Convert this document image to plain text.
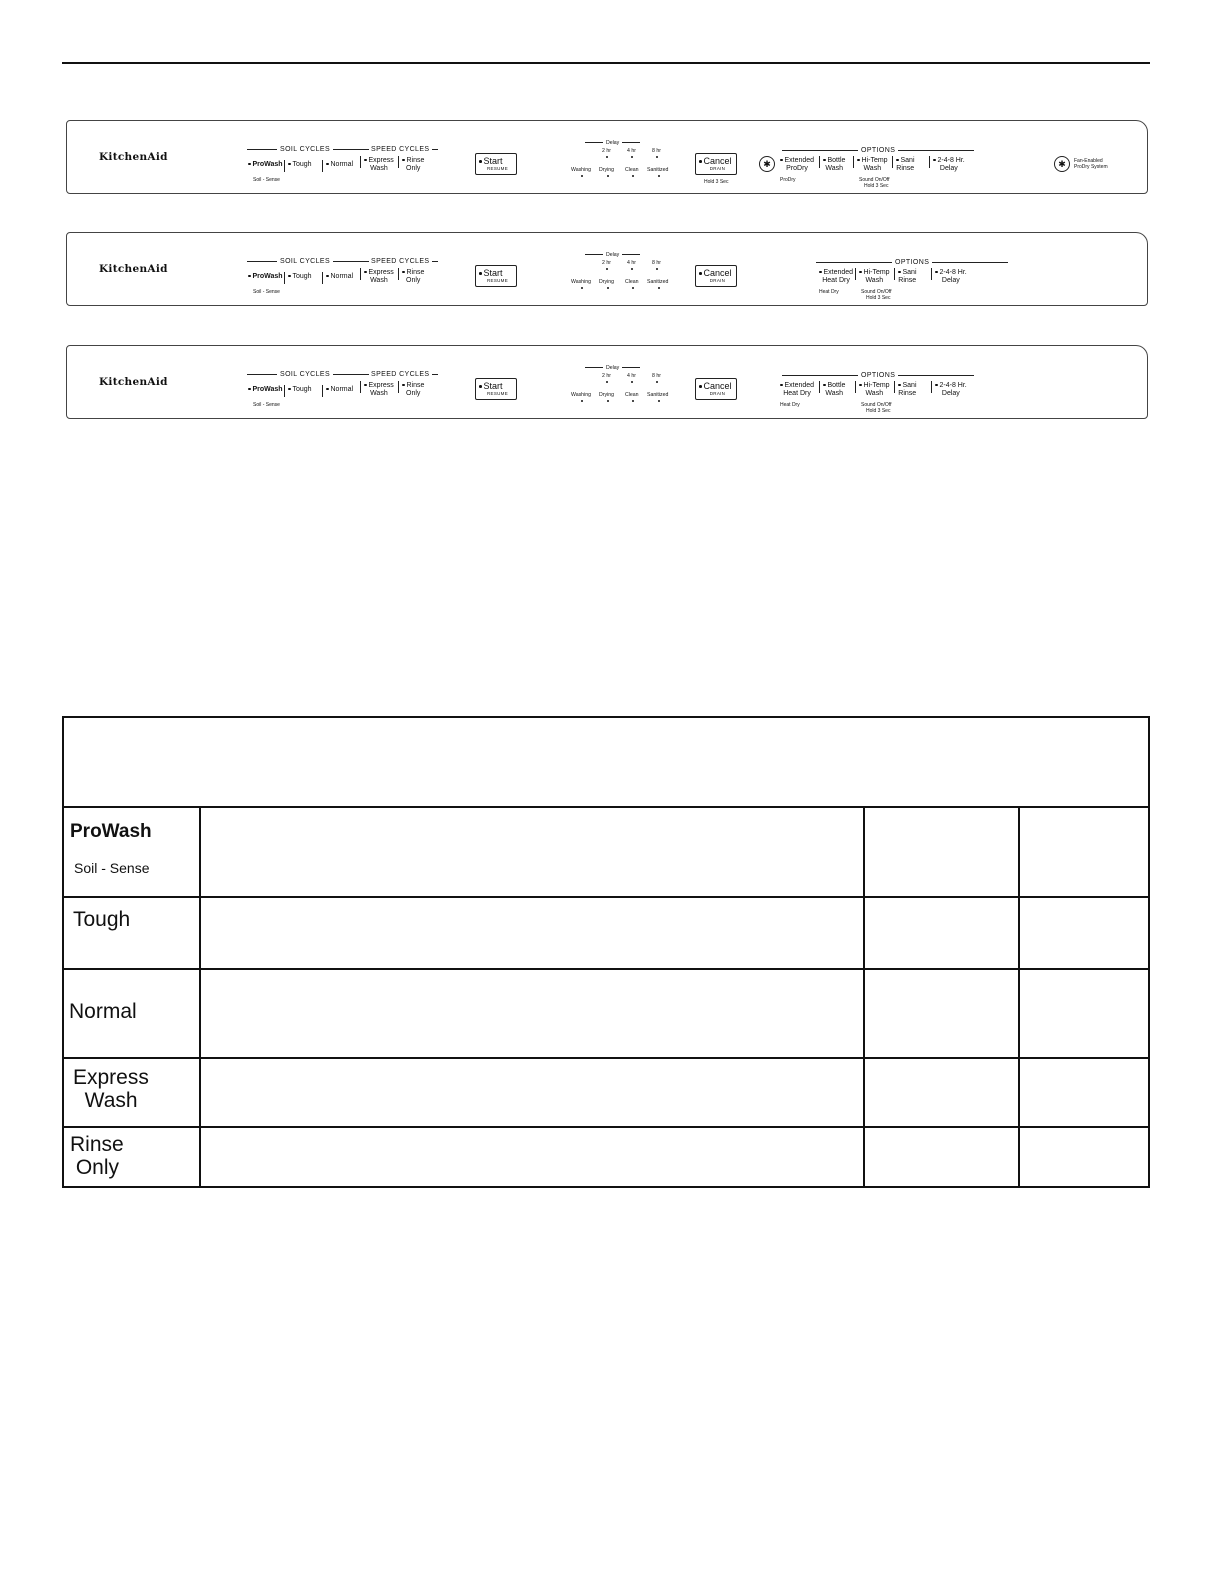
KitchenAid
SOIL CYCLES	SPEED CYCLES
ProWash
Soil - Sense
Tough	Normal
Express
Wash
Rinse
Only
Start
RESUME
Delay
2 hr	4 hr	8 hr
Washing Drying Clean Sanitized
Cancel
DRAIN
Hold 3 Sec
✱
OPTIONS
Extended
ProDry
ProDry
Bottle
Wash
Hi-Temp
Wash
Sound On/Off
Hold 3 Sec
Sani
Rinse
2-4-8 Hr.
Delay	✱	Fan-Enabled
ProDry System
KitchenAid
SOIL CYCLES	SPEED CYCLES
ProWash
Soil - Sense
Tough	Normal
Express
Wash
Rinse
Only
Start
RESUME
Delay
2 hr	4 hr	8 hr
Washing Drying Clean Sanitized
Cancel
DRAIN
OPTIONS
Extended
Heat Dry
Heat Dry
Hi-Temp
Wash
Sound On/Off
Hold 3 Sec
Sani
Rinse
2-4-8 Hr.
Delay
KitchenAid
SOIL CYCLES	SPEED CYCLES
ProWash
Soil - Sense
Tough	Normal
Express
Wash
Rinse
Only
Start
RESUME
Delay
2 hr	4 hr	8 hr
Washing Drying Clean Sanitized
Cancel
DRAIN
OPTIONS
Extended
Heat Dry
Heat Dry
Bottle
Wash
Hi-Temp
Wash
Sound On/Off
Hold 3 Sec
Sani
Rinse
2-4-8 Hr.
Delay
ProWash
Soil - Sense
Tough
Normal
Express
Wash
Rinse
Only
